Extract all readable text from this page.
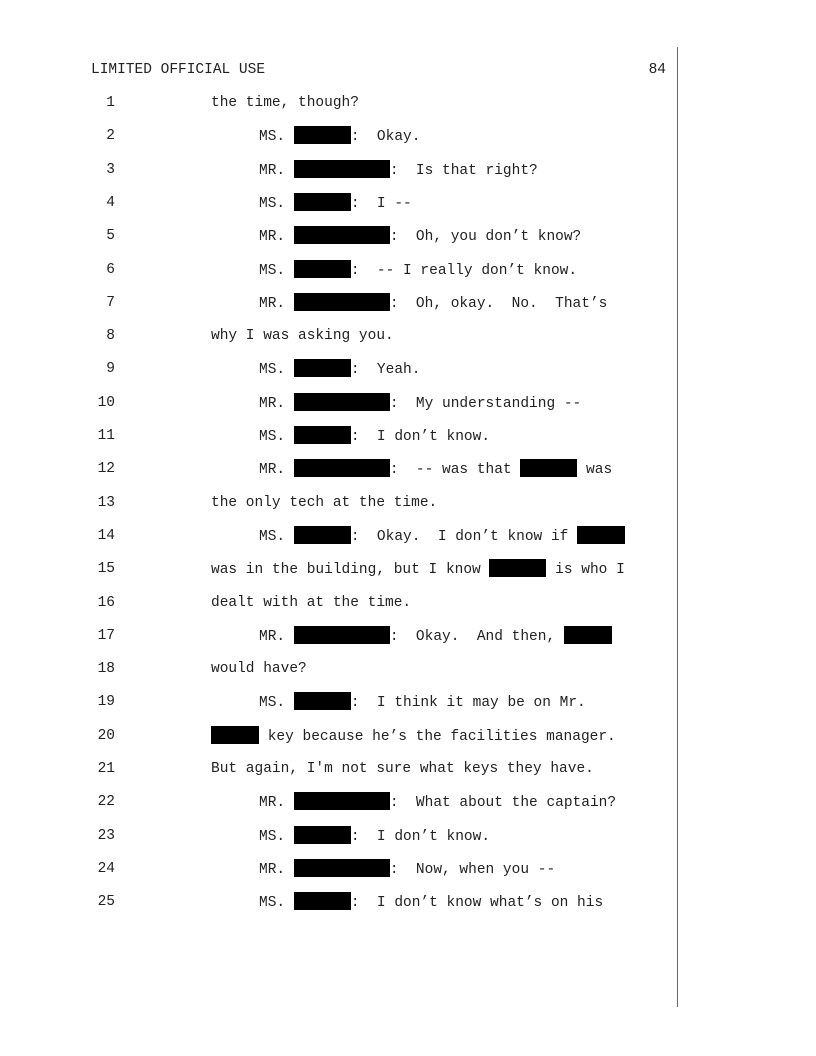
LIMITED OFFICIAL USE	84
1	the time, though?
2	MS.	:  Okay.
3	MR.	:  Is that right?
4	MS.	:  I --
5	MR.	:  Oh, you don’t know?
6	MS.	:  -- I really don’t know.
7	MR.	:  Oh, okay.  No.  That’s
8	why I was asking you.
9	MS.	:  Yeah.
10	MR.	:  My understanding --
11	MS.	:  I don’t know.
12	MR.	:  -- was that	was
13	the only tech at the time.
14	MS.	:  Okay.  I don’t know if
15	was in the building, but I know	is who I
16	dealt with at the time.
17	MR.	:  Okay.  And then,
18	would have?
19	MS.	:  I think it may be on Mr.
20	key because he’s the facilities manager.
21	But again, I'm not sure what keys they have.
22	MR.	:  What about the captain?
23	MS.	:  I don’t know.
24	MR.	:  Now, when you --
25	MS.	:  I don’t know what’s on his
